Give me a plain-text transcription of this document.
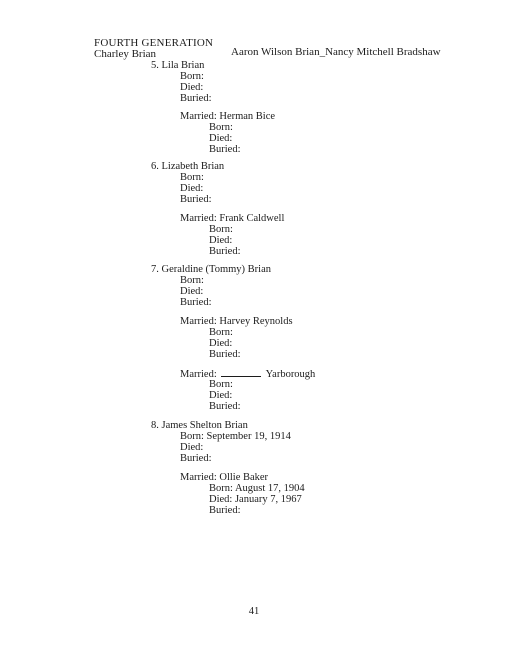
FOURTH GENERATION
Charley Brian	Aaron Wilson Brian_Nancy Mitchell Bradshaw
5. Lila Brian
Born:
Died:
Buried:
Married: Herman Bice
Born:
Died:
Buried:
6. Lizabeth Brian
Born:
Died:
Buried:
Married: Frank Caldwell
Born:
Died:
Buried:
7. Geraldine (Tommy) Brian
Born:
Died:
Buried:
Married: Harvey Reynolds
Born:
Died:
Buried:
Married:	Yarborough
Born:
Died:
Buried:
8. James Shelton Brian
Born: September 19, 1914
Died:
Buried:
Married: Ollie Baker
Born: August 17, 1904
Died: January 7, 1967
Buried:
41
